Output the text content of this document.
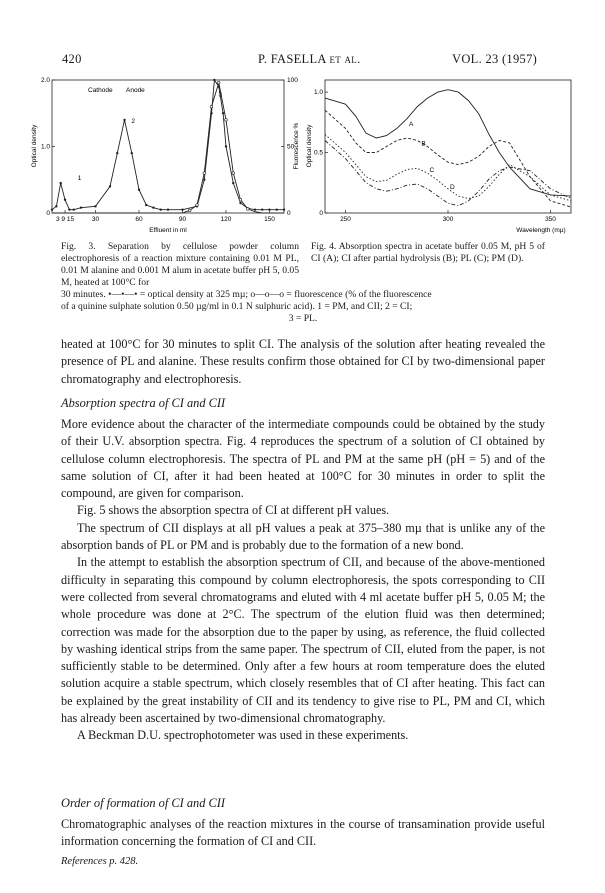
420	P. FASELLA et al.	VOL. 23 (1957)
Cathode Anode
Optical density	Fluorescence %
Effluent in ml
3 9 15	30	60	90	120	150
2.0
1.0
0
100
50
0
1
2
3
Optical density
Wavelength (mµ)
250	300	350
1.0
0.5
0
A
B
C
D
Fig. 3. Separation by cellulose powder column electrophoresis of a reaction mixture containing 0.01 M PL, 0.01 M alanine and 0.001 M alum in acetate buffer pH 5, 0.05 M, heated at 100°C for
Fig. 4. Absorption spectra in acetate buffer 0.05 M, pH 5 of CI (A); CI after partial hydrolysis (B); PL (C); PM (D).
30 minutes. •—•—• = optical density at 325 mµ; o—o—o = fluorescence (% of the fluorescence
of a quinine sulphate solution 0.50 µg/ml in 0.1 N sulphuric acid). 1 = PM, and CII; 2 = CI;
3 = PL.

heated at 100°C for 30 minutes to split CI. The analysis of the solution after heating revealed the presence of PL and alanine. These results confirm those obtained for CI by two-dimensional paper chromatography and electrophoresis.

Absorption spectra of CI and CII

More evidence about the character of the intermediate compounds could be obtained by the study of their U.V. absorption spectra. Fig. 4 reproduces the spectrum of a solution of CI obtained by cellulose column electrophoresis. The spectra of PL and PM at the same pH (pH = 5) and of the same solution of CI, after it had been heated at 100°C for 30 minutes in order to split the compound, are given for comparison.

Fig. 5 shows the absorption spectra of CI at different pH values.

The spectrum of CII displays at all pH values a peak at 375–380 mµ that is unlike any of the absorption bands of PL or PM and is probably due to the formation of a new bond.

In the attempt to establish the absorption spectrum of CII, and because of the above-mentioned difficulty in separating this compound by column electrophoresis, the spots corresponding to CII were collected from several chromatograms and eluted with 4 ml acetate buffer pH 5, 0.05 M; the whole procedure was done at 2°C. The spectrum of the elution fluid was then determined; correction was made for the absorption due to the paper by using, as reference, the fluid collected by washing identical strips from the same paper. The spectrum of CII, eluted from the paper, is not sufficiently stable to be determined. Only after a few hours at room temperature does the eluted solution acquire a stable spectrum, which closely resembles that of CI after heating. This fact can be explained by the great instability of CII and its tendency to give rise to PL, PM and CI, which has already been ascertained by two-dimensional chromatography.

A Beckman D.U. spectrophotometer was used in these experiments.

Order of formation of CI and CII

Chromatographic analyses of the reaction mixtures in the course of transamination provide useful information concerning the formation of CI and CII.

References p. 428.
